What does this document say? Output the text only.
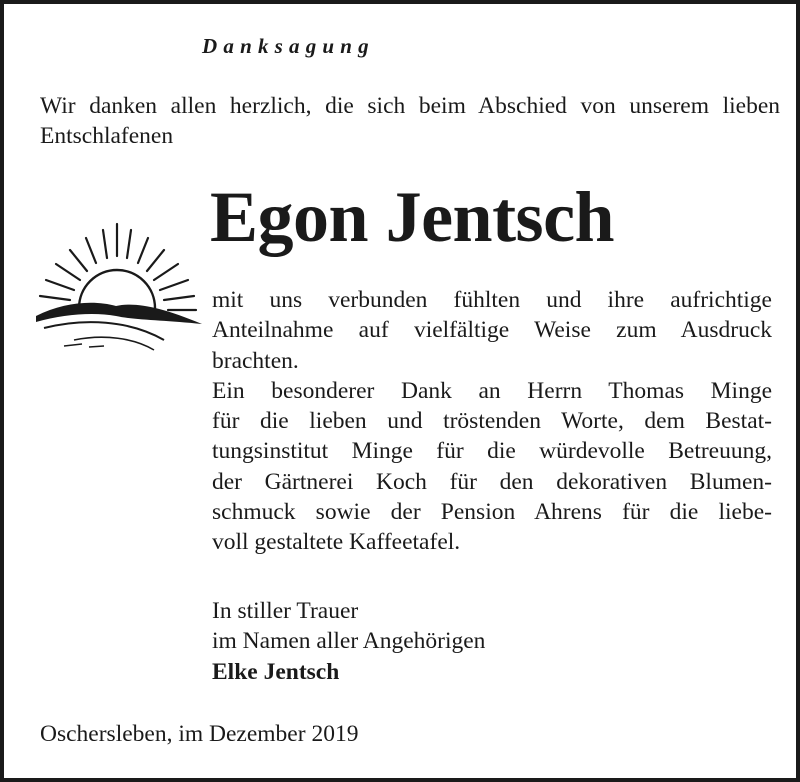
Danksagung
Wir danken allen herzlich, die sich beim Abschied von unserem lieben Entschlafenen
Egon Jentsch
mit uns verbunden fühlten und ihre aufrichtige
Anteilnahme auf vielfältige Weise zum Ausdruck
brachten.
Ein besonderer Dank an Herrn Thomas Minge
für die lieben und tröstenden Worte, dem Bestat-
tungsinstitut Minge für die würdevolle Betreuung,
der Gärtnerei Koch für den dekorativen Blumen-
schmuck sowie der Pension Ahrens für die liebe-
voll gestaltete Kaffeetafel.
In stiller Trauer
im Namen aller Angehörigen
Elke Jentsch
Oschersleben, im Dezember 2019
